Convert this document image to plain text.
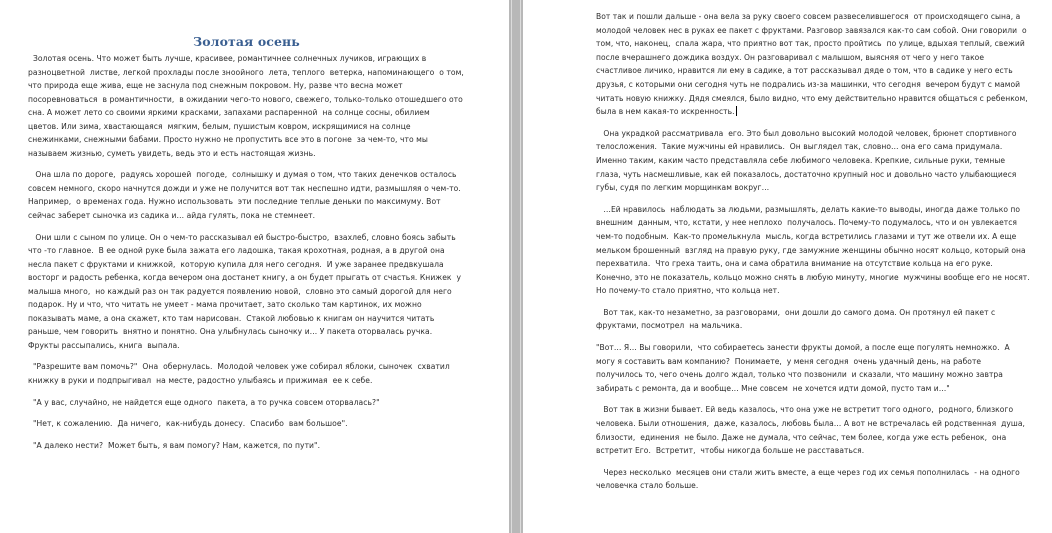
Золотая осень

Золотая осень. Что может быть лучше, красивее, романтичнее солнечных лучиков, играющих в разноцветной  листве, легкой прохлады после зноойного  лета, теплого  ветерка, напоминающего  о том, что природа еще жива, еще не заснула под снежным покровом. Ну, разве что весна может посоревноваться  в романтичности,  в ожидании чего-то нового, свежего, только-только отошедшего ото сна. А может лето со своими яркими красками, запахами распаренной  на солнце сосны, обилием  цветов. Или зима, хвастающаяся  мягким, белым, пушистым ковром, искрящимися на солнце снежинками, снежными бабами. Просто нужно не пропустить все это в погоне  за чем-то, что мы называем жизнью, суметь увидеть, ведь это и есть настоящая жизнь.

Она шла по дороге,  радуясь хорошей  погоде,  солнышку и думая о том, что таких денечков осталось совсем немного, скоро начнутся дожди и уже не получится вот так неспешно идти, размышляя о чем-то. Например,  о временах года. Нужно использовать  эти последние теплые деньки по максимуму. Вот сейчас заберет сыночка из садика и… айда гулять, пока не стемнеет.

Они шли с сыном по улице. Он о чем-то рассказывал ей быстро-быстро,  взахлеб, словно боясь забыть что -то главное.  В ее одной руке была зажата его ладошка, такая крохотная, родная, а в другой она  несла пакет с фруктами и книжкой,  которую купила для него сегодня.  И уже заранее предвкушала восторг и радость ребенка, когда вечером она достанет книгу, а он будет прыгать от счастья. Книжек  у малыша много,  но каждый раз он так радуется появлению новой,  словно это самый дорогой для него подарок. Ну и что, что читать не умеет - мама прочитает, зато сколько там картинок, их можно показывать маме, а она скажет, кто там нарисован.  Стакой любовью к книгам он научится читать раньше, чем говорить  внятно и понятно. Она улыбнулась сыночку и… У пакета оторвалась ручка. Фрукты рассыпались, книга  выпала.

"Разрешите вам помочь?"  Она  обернулась.  Молодой человек уже собирал яблоки, сыночек  схватил книжку в руки и подпрыгивал  на месте, радостно улыбаясь и прижимая  ее к себе.

"А у вас, случайно, не найдется еще одного  пакета, а то ручка совсем оторвалась?"

"Нет, к сожалению.  Да ничего,  как-нибудь донесу.  Спасибо  вам большое".

"А далеко нести?  Может быть, я вам помогу? Нам, кажется, по пути".

Вот так и пошли дальше - она вела за руку своего совсем развеселившегося  от происходящего сына, а молодой человек нес в руках ее пакет с фруктами. Разговор завязался как-то сам собой. Они говорили  о том, что, наконец,  спала жара, что приятно вот так, просто пройтись  по улице, вдыхая теплый, свежий после вчерашнего дождика воздух. Он разговаривал с малышом, выясняя от чего у него такое счастливое личико, нравится ли ему в садике, а тот рассказывал дяде о том, что в садике у него есть друзья, с которыми они сегодня чуть не подрались из-за машинки, что сегодня  вечером будут с мамой читать новую книжку. Дядя смеялся, было видно, что ему действительно нравится общаться с ребенком,  была в нем какая-то искренность.

Она украдкой рассматривала  его. Это был довольно высокий молодой человек, брюнет спортивного  телосложения.  Такие мужчины ей нравились.  Он выглядел так, словно… она его сама придумала. Именно таким, каким часто представляла себе любимого человека. Крепкие, сильные руки, темные глаза, чуть насмешливые, как ей показалось, достаточно крупный нос и довольно часто улыбающиеся губы, судя по легким морщинкам вокруг…

…Ей нравилось  наблюдать за людьми, размышлять, делать какие-то выводы, иногда даже только по внешним  данным, что, кстати, у нее неплохо  получалось. Почему-то подумалось, что и он увлекается чем-то подобным.  Как-то промелькнула  мысль, когда встретились глазами и тут же отвели их. А еще мельком брошенный  взгляд на правую руку, где замужние женщины обычно носят кольцо, который она перехватила.  Что греха таить, она и сама обратила внимание на отсутствие кольца на его руке. Конечно, это не показатель, кольцо можно снять в любую минуту, многие  мужчины вообще его не носят. Но почему-то стало приятно, что кольца нет.

Вот так, как-то незаметно, за разговорами,  они дошли до самого дома. Он протянул ей пакет с фруктами, посмотрел  на мальчика.

"Вот… Я… Вы говорили,  что собираетесь занести фрукты домой, а после еще погулять немножко.  А могу я составить вам компанию?  Понимаете,  у меня сегодня  очень удачный день, на работе получилось то, чего очень долго ждал, только что позвонили  и сказали, что машину можно завтра забирать с ремонта, да и вообще… Мне совсем  не хочется идти домой, пусто там и…"

Вот так в жизни бывает. Ей ведь казалось, что она уже не встретит того одного,  родного, близкого  человека. Были отношения,  даже, казалось, любовь была… А вот не встречалась ей родственная  душа, близости,  единения  не было. Даже не думала, что сейчас, тем более, когда уже есть ребенок,  она встретит Его.  Встретит,  чтобы никогда больше не расставаться.

Через несколько  месяцев они стали жить вместе, а еще через год их семья пополнилась  - на одного человечка стало больше.
